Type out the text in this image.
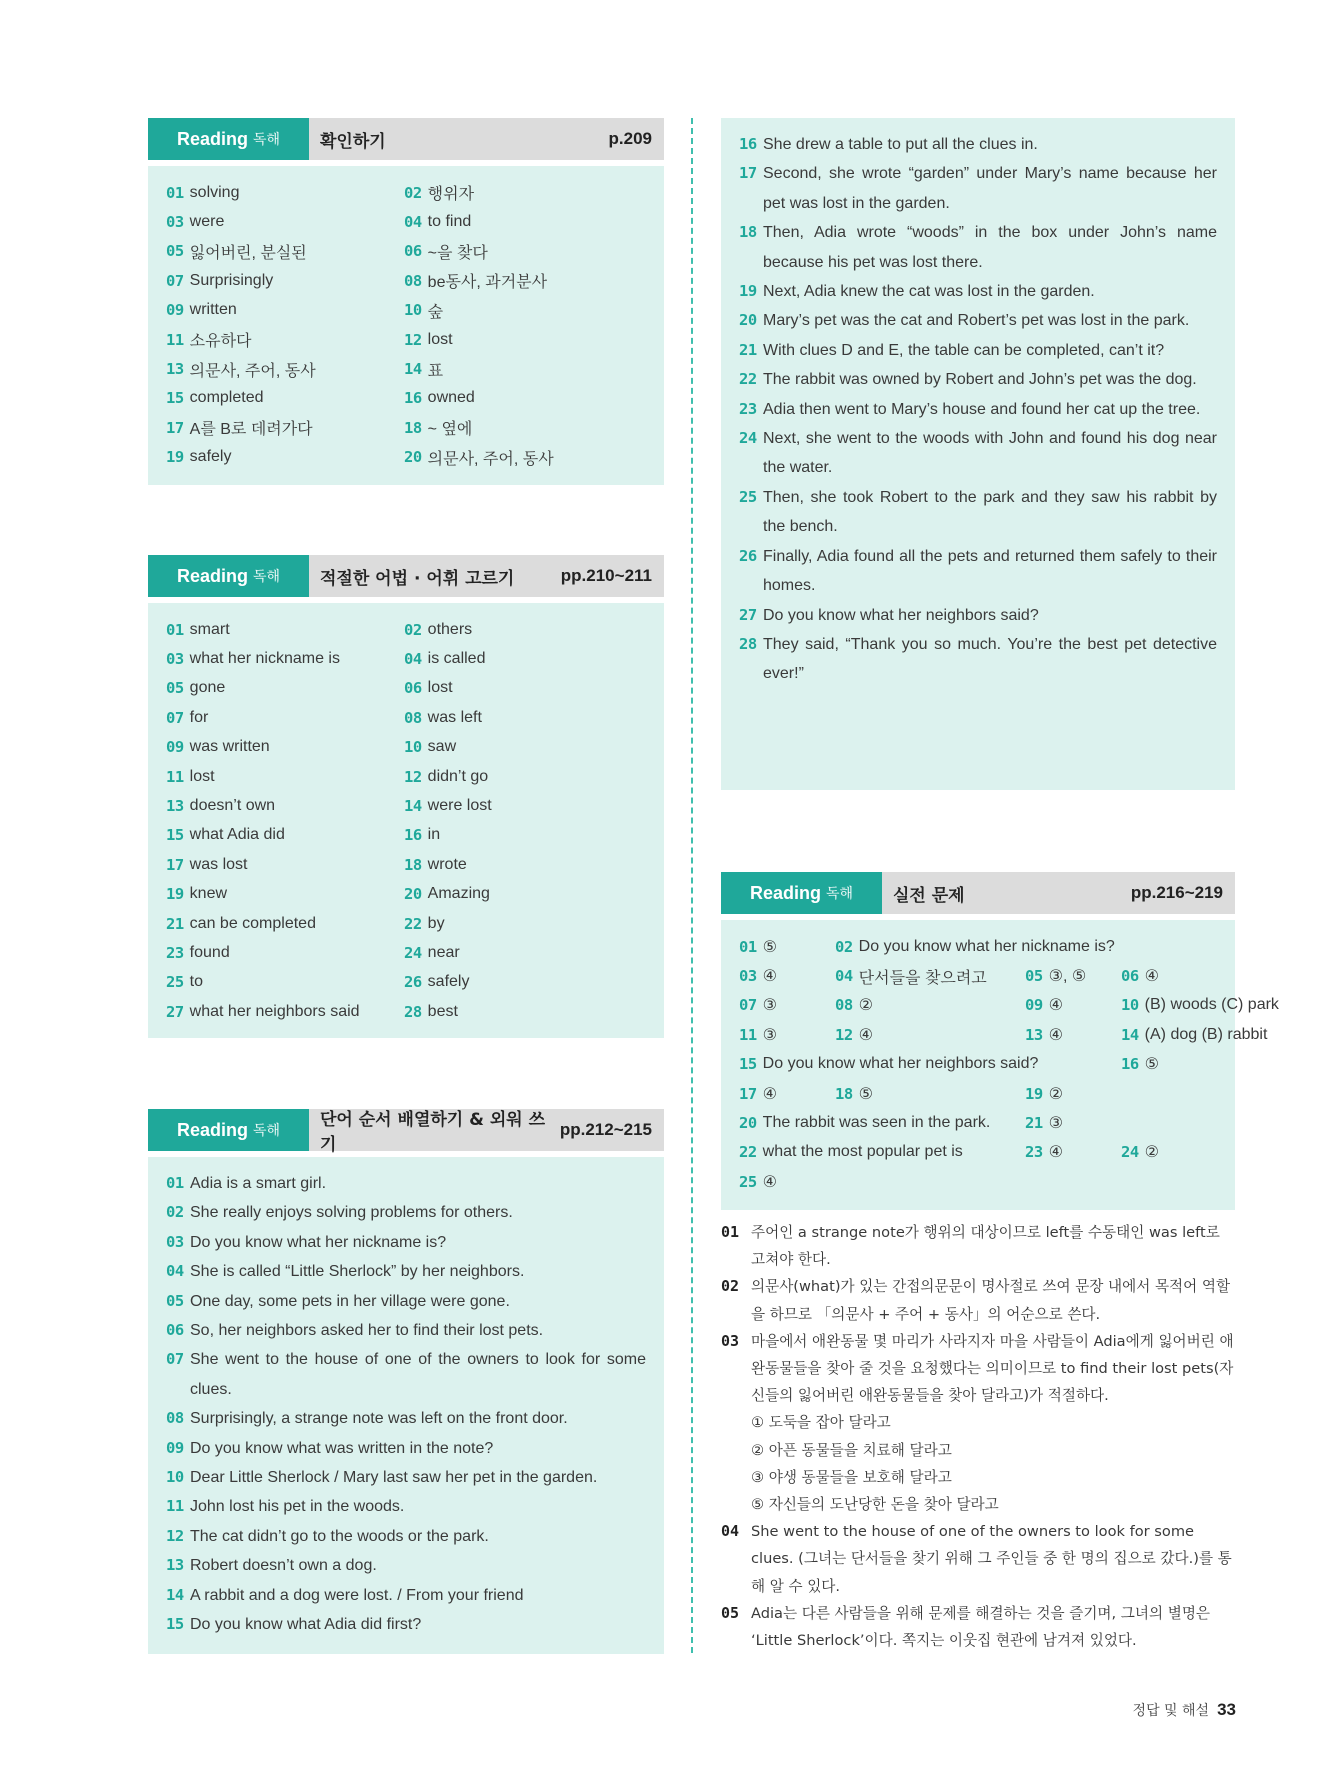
Reading 독해	확인하기	p.209
01 solving	02 행위자
03 were	04 to find
05 잃어버린, 분실된	06 ~을 찾다
07 Surprisingly	08 be동사, 과거분사
09 written	10 숲
11 소유하다	12 lost
13 의문사, 주어, 동사	14 표
15 completed	16 owned
17 A를 B로 데려가다	18 ~ 옆에
19 safely	20 의문사, 주어, 동사
Reading 독해	적절한 어법 · 어휘 고르기	pp.210~211
01 smart	02 others
03 what her nickname is	04 is called
05 gone	06 lost
07 for	08 was left
09 was written	10 saw
11 lost	12 didn’t go
13 doesn’t own	14 were lost
15 what Adia did	16 in
17 was lost	18 wrote
19 knew	20 Amazing
21 can be completed	22 by
23 found	24 near
25 to	26 safely
27 what her neighbors said	28 best
Reading 독해	단어 순서 배열하기 & 외워 쓰기
pp.212~215
01 Adia is a smart girl.
02 She really enjoys solving problems for others.
03 Do you know what her nickname is?
04 She is called “Little Sherlock” by her neighbors.
05 One day, some pets in her village were gone.
06 So, her neighbors asked her to find their lost pets.
07 She went to the house of one of the owners to look for some clues.
08 Surprisingly, a strange note was left on the front door.
09 Do you know what was written in the note?
10 Dear Little Sherlock / Mary last saw her pet in the garden.
11 John lost his pet in the woods.
12 The cat didn’t go to the woods or the park.
13 Robert doesn’t own a dog.
14 A rabbit and a dog were lost. / From your friend
15 Do you know what Adia did first?
16 She drew a table to put all the clues in.
17 Second, she wrote “garden” under Mary’s name because her pet was lost in the garden.
18 Then, Adia wrote “woods” in the box under John’s name because his pet was lost there.
19 Next, Adia knew the cat was lost in the garden.
20 Mary’s pet was the cat and Robert’s pet was lost in the park.
21 With clues D and E, the table can be completed, can’t it?
22 The rabbit was owned by Robert and John’s pet was the dog.
23 Adia then went to Mary’s house and found her cat up the tree.
24 Next, she went to the woods with John and found his dog near the water.
25 Then, she took Robert to the park and they saw his rabbit by the bench.
26 Finally, Adia found all the pets and returned them safely to their homes.
27 Do you know what her neighbors said?
28 They said, “Thank you so much. You’re the best pet detective ever!”
Reading 독해	실전 문제	pp.216~219
01 ⑤	02 Do you know what her nickname is?
03 ④	04 단서들을 찾으려고 05 ③, ⑤ 06 ④
07 ③	08 ②	09 ④	10 (B) woods (C) park
11 ③	12 ④	13 ④	14 (A) dog (B) rabbit
15 Do you know what her neighbors said?	16 ⑤
17 ④	18 ⑤	19 ②
20 The rabbit was seen in the park. 21 ③
22 what the most popular pet is	23 ④	24 ②
25 ④
01 주어인 a strange note가 행위의 대상이므로 left를 수동태인 was left로 고쳐야 한다.
02 의문사(what)가 있는 간접의문문이 명사절로 쓰여 문장 내에서 목적어 역할을 하므로 「의문사 + 주어 + 동사」의 어순으로 쓴다.
03 마을에서 애완동물 몇 마리가 사라지자 마을 사람들이 Adia에게 잃어버린 애완동물들을 찾아 줄 것을 요청했다는 의미이므로 to find their lost pets(자신들의 잃어버린 애완동물들을 찾아 달라고)가 적절하다.
① 도둑을 잡아 달라고
② 아픈 동물들을 치료해 달라고
③ 야생 동물들을 보호해 달라고
⑤ 자신들의 도난당한 돈을 찾아 달라고
04 She went to the house of one of the owners to look for some clues. (그녀는 단서들을 찾기 위해 그 주인들 중 한 명의 집으로 갔다.)를 통해 알 수 있다.
05 Adia는 다른 사람들을 위해 문제를 해결하는 것을 즐기며, 그녀의 별명은 ‘Little Sherlock’이다. 쪽지는 이웃집 현관에 남겨져 있었다.
정답 및 해설 33
